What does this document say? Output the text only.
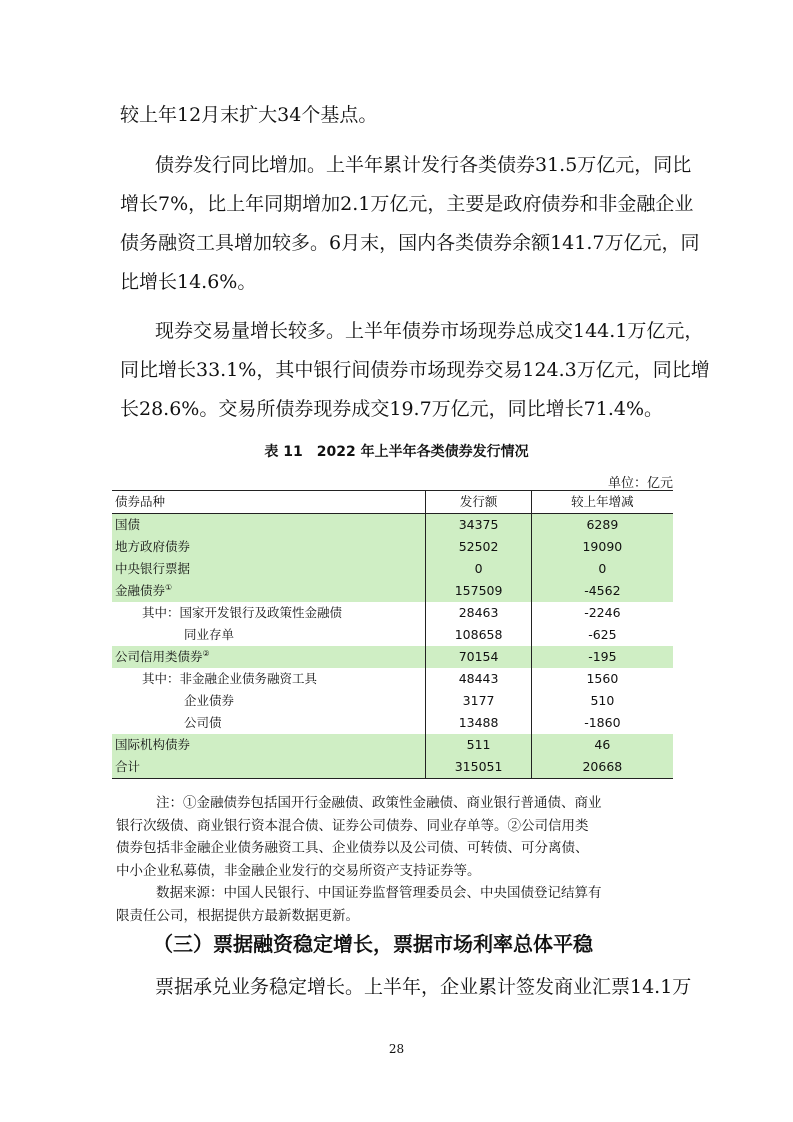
较上年12月末扩大34个基点。

债券发行同比增加。上半年累计发行各类债券31.5万亿元，同比

增长7%，比上年同期增加2.1万亿元，主要是政府债券和非金融企业

债务融资工具增加较多。6月末，国内各类债券余额141.7万亿元，同

比增长14.6%。

现券交易量增长较多。上半年债券市场现券总成交144.1万亿元，

同比增长33.1%，其中银行间债券市场现券交易124.3万亿元，同比增

长28.6%。交易所债券现券成交19.7万亿元，同比增长71.4%。

表 11　2022 年上半年各类债券发行情况
单位：亿元
债券品种	发行额	较上年增减
国债	34375	6289
地方政府债券	52502	19090
中央银行票据	0	0
金融债券①	157509	-4562
其中：国家开发银行及政策性金融债	28463	-2246
同业存单	108658	-625
公司信用类债券②	70154	-195
其中：非金融企业债务融资工具	48443	1560
企业债券	3177	510
公司债	13488	-1860
国际机构债券	511	46
合计	315051	20668
注：①金融债券包括国开行金融债、政策性金融债、商业银行普通债、商业
银行次级债、商业银行资本混合债、证券公司债券、同业存单等。②公司信用类
债券包括非金融企业债务融资工具、企业债券以及公司债、可转债、可分离债、
中小企业私募债，非金融企业发行的交易所资产支持证券等。
数据来源：中国人民银行、中国证券监督管理委员会、中央国债登记结算有
限责任公司，根据提供方最新数据更新。
（三）票据融资稳定增长，票据市场利率总体平稳

票据承兑业务稳定增长。上半年，企业累计签发商业汇票14.1万

28
